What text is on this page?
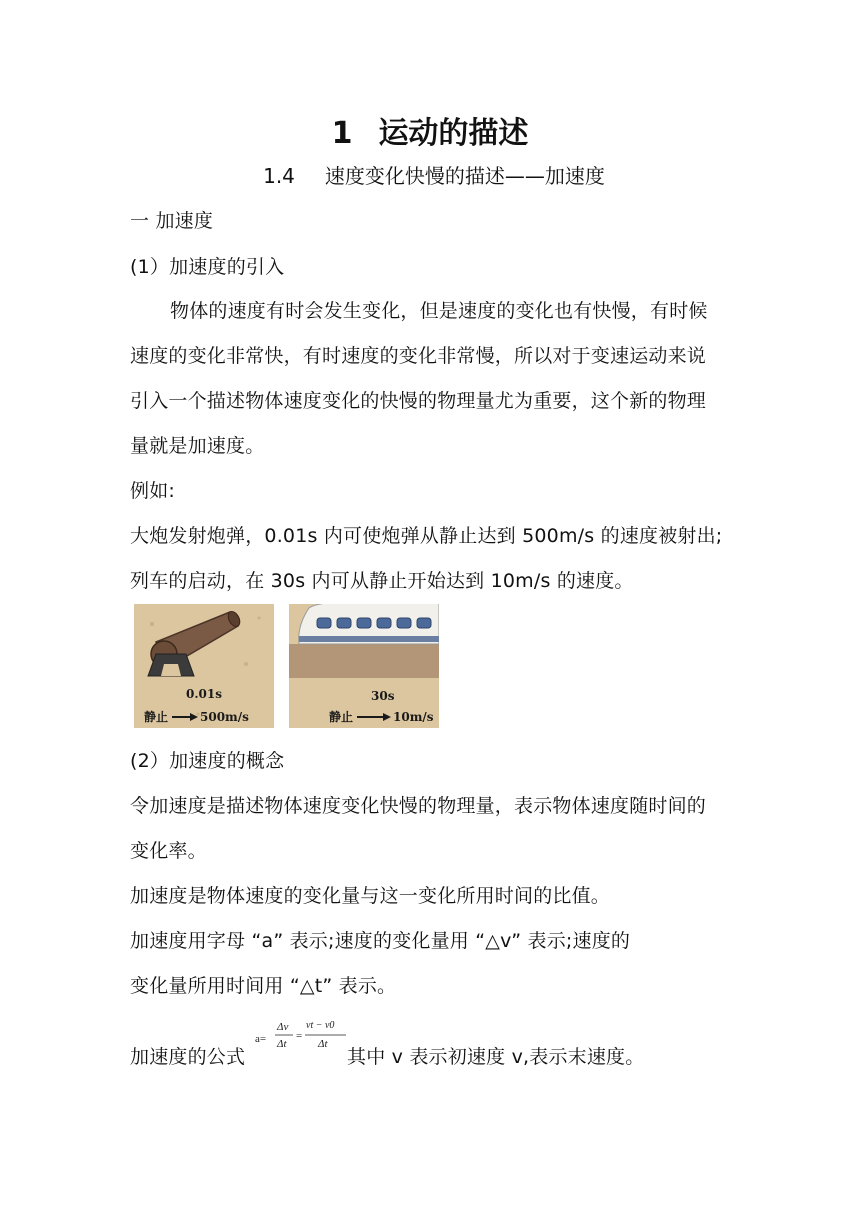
1 运动的描述
1.4 速度变化快慢的描述——加速度
一 加速度
(1）加速度的引入
物体的速度有时会发生变化，但是速度的变化也有快慢，有时候
速度的变化非常快，有时速度的变化非常慢，所以对于变速运动来说
引入一个描述物体速度变化的快慢的物理量尤为重要，这个新的物理
量就是加速度。
例如:
大炮发射炮弹，0.01s 内可使炮弹从静止达到 500m/s 的速度被射出;
列车的启动，在 30s 内可从静止开始达到 10m/s 的速度。
0.01s
静止	500m/s
30s
静止	10m/s
(2）加速度的概念
令加速度是描述物体速度变化快慢的物理量，表示物体速度随时间的
变化率。
加速度是物体速度的变化量与这一变化所用时间的比值。
加速度用字母 “a” 表示;速度的变化量用 “△v” 表示;速度的
变化量所用时间用 “△t” 表示。
加速度的公式
a=
Δv
Δt
=
vt − v0
Δt
其中 v 表示初速度 v,表示末速度。
